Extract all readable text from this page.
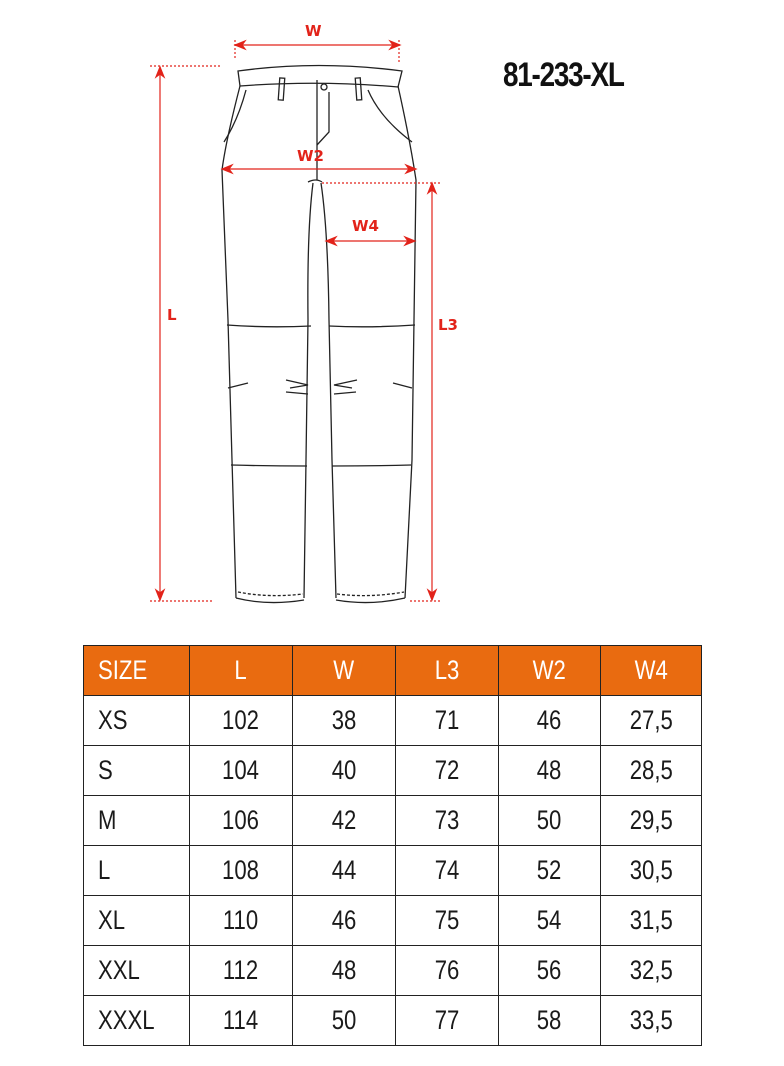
W
W2
W4
L
L3
81-233-XL
SIZE	L	W	L3	W2	W4
XS	102	38	71	46	27,5
S	104	40	72	48	28,5
M	106	42	73	50	29,5
L	108	44	74	52	30,5
XL	110	46	75	54	31,5
XXL	112	48	76	56	32,5
XXXL	114	50	77	58	33,5
